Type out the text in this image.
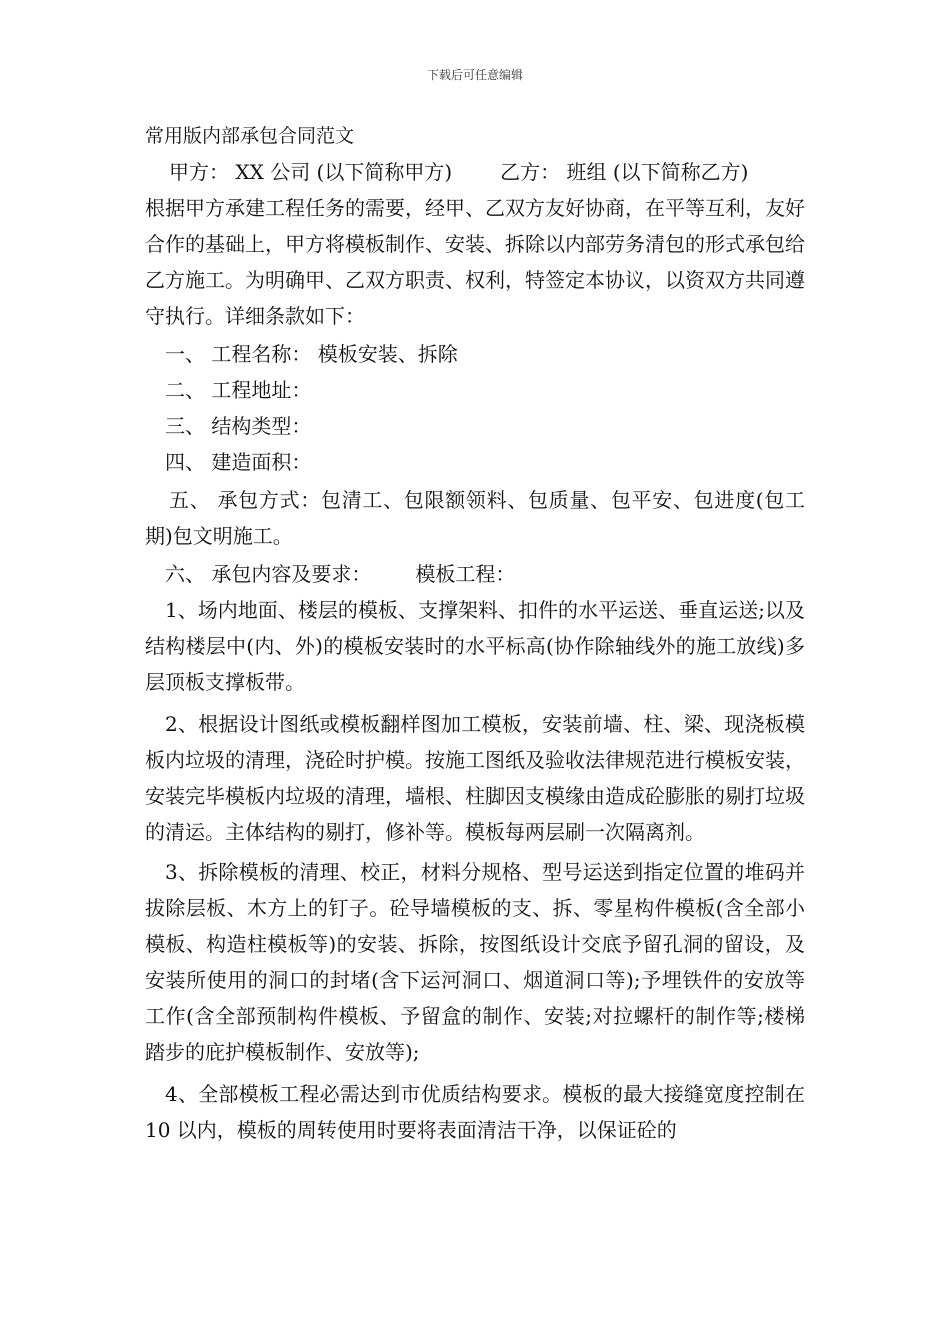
下载后可任意编辑

常用版内部承包合同范文

甲方： XX 公司 (以下简称甲方) 乙方： 班组 (以下简称乙方)

根据甲方承建工程任务的需要，经甲、乙双方友好协商，在平等互利，友好合作的基础上，甲方将模板制作、安装、拆除以内部劳务清包的形式承包给乙方施工。为明确甲、乙双方职责、权利，特签定本协议，以资双方共同遵守执行。详细条款如下：

一、 工程名称： 模板安装、拆除

二、 工程地址：

三、 结构类型：

四、 建造面积：

五、 承包方式：包清工、包限额领料、包质量、包平安、包进度(包工期)包文明施工。

六、 承包内容及要求： 模板工程：

1、场内地面、楼层的模板、支撑架料、扣件的水平运送、垂直运送;以及结构楼层中(内、外)的模板安装时的水平标高(协作除轴线外的施工放线)多层顶板支撑板带。

2、根据设计图纸或模板翻样图加工模板，安装前墙、柱、梁、现浇板模板内垃圾的清理，浇砼时护模。按施工图纸及验收法律规范进行模板安装，安装完毕模板内垃圾的清理，墙根、柱脚因支模缘由造成砼膨胀的剔打垃圾的清运。主体结构的剔打，修补等。模板每两层刷一次隔离剂。

3、拆除模板的清理、校正，材料分规格、型号运送到指定位置的堆码并拔除层板、木方上的钉子。砼导墙模板的支、拆、零星构件模板(含全部小模板、构造柱模板等)的安装、拆除，按图纸设计交底予留孔洞的留设，及安装所使用的洞口的封堵(含下运河洞口、烟道洞口等);予埋铁件的安放等工作(含全部预制构件模板、予留盒的制作、安装;对拉螺杆的制作等;楼梯踏步的庇护模板制作、安放等);

4、全部模板工程必需达到市优质结构要求。模板的最大接缝宽度控制在 10 以内，模板的周转使用时要将表面清洁干净，以保证砼的
